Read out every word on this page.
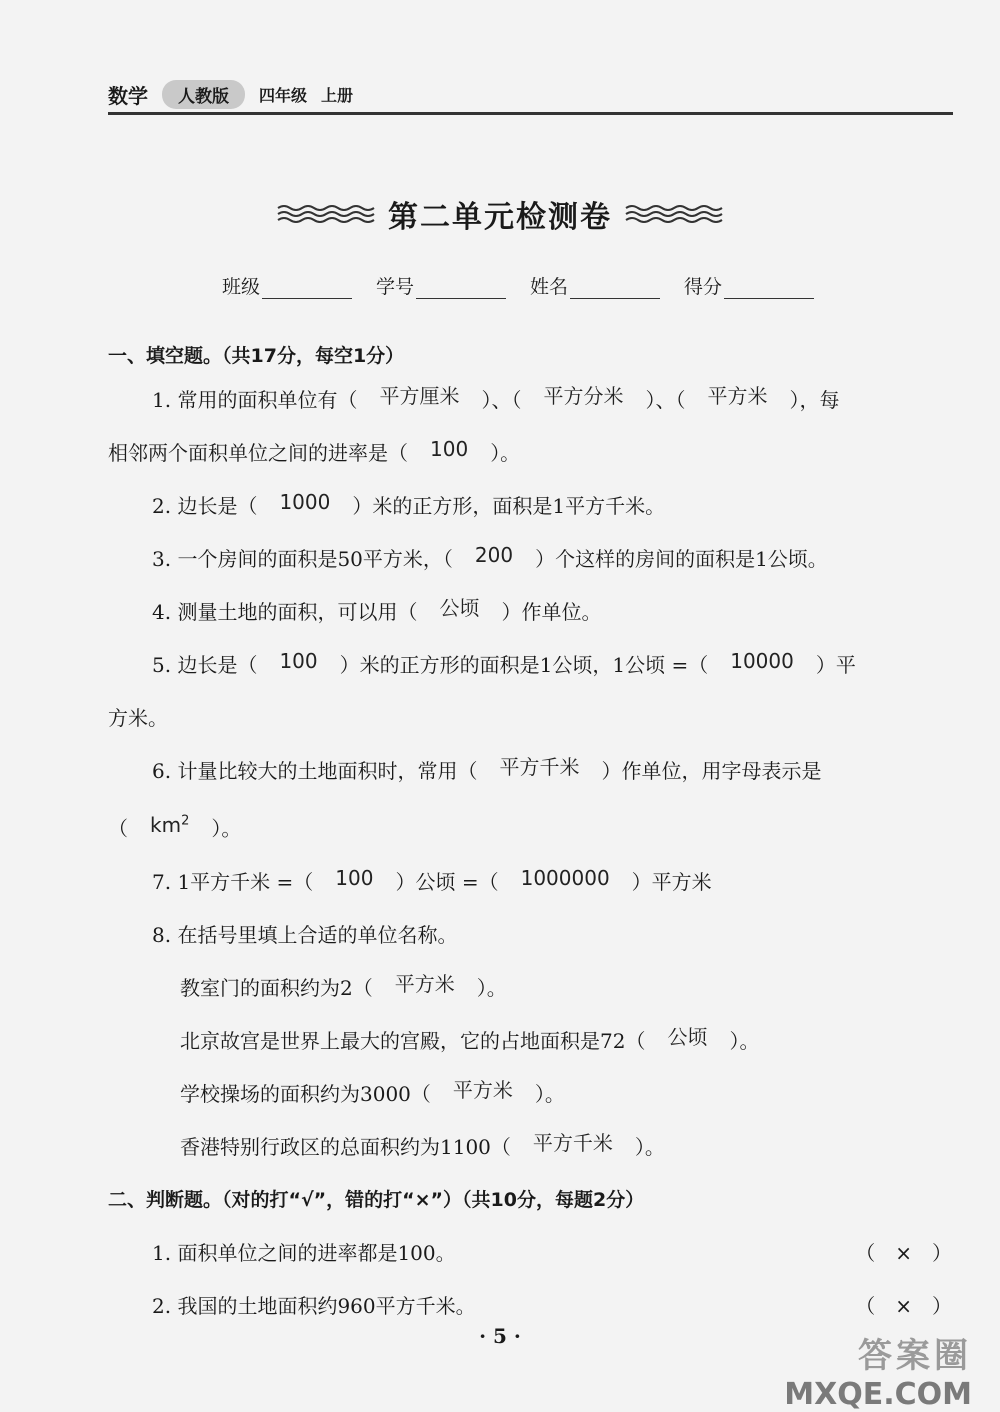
数学	人教版	四年级 上册
第二单元检测卷
班级	学号	姓名	得分
一、填空题。（共17分，每空1分）
1. 常用的面积单位有（ 平方厘米 ）、（ 平方分米 ）、（ 平方米 ），每
相邻两个面积单位之间的进率是（ 100 ）。
2. 边长是（ 1000 ）米的正方形，面积是1平方千米。
3. 一个房间的面积是50平方米，（ 200 ）个这样的房间的面积是1公顷。
4. 测量土地的面积，可以用（ 公顷 ）作单位。
5. 边长是（ 100 ）米的正方形的面积是1公顷，1公顷 =（ 10000 ）平
方米。
6. 计量比较大的土地面积时，常用（ 平方千米 ）作单位，用字母表示是
（ $km^2$ ）。
7. 1平方千米 =（ 100 ）公顷 =（ 1000000 ）平方米
8. 在括号里填上合适的单位名称。
教室门的面积约为2（ 平方米 ）。
北京故宫是世界上最大的宫殿，它的占地面积是72（ 公顷 ）。
学校操场的面积约为3000（ 平方米 ）。
香港特别行政区的总面积约为1100（ 平方千米 ）。
二、判断题。（对的打“√”，错的打“×”）（共10分，每题2分）
1. 面积单位之间的进率都是100。	（　×　）
2. 我国的土地面积约960平方千米。	（　×　）
· 5 ·	答案圈
MXQE.COM
